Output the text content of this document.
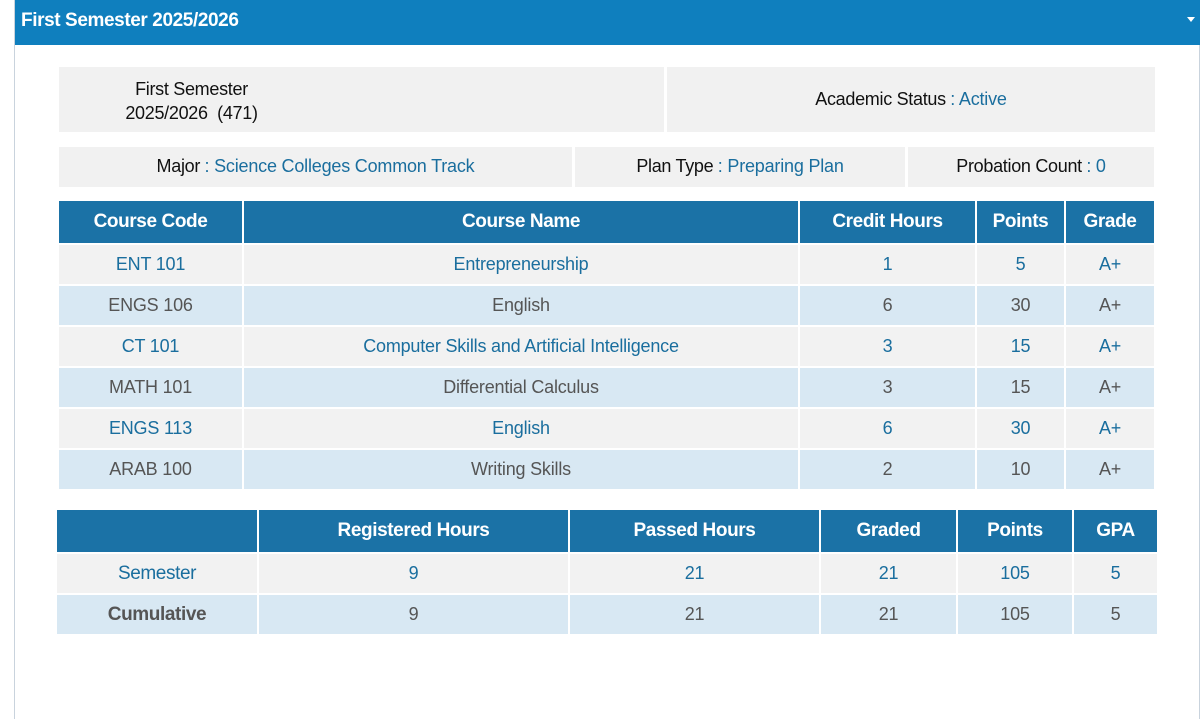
First Semester 2025/2026
First Semester
2025/2026  (471)
Academic Status : Active
Major : Science Colleges Common Track	Plan Type : Preparing Plan	Probation Count : 0
Course Code	Course Name	Credit Hours	Points	Grade
ENT 101	Entrepreneurship	1	5	A+
ENGS 106	English	6	30	A+
CT 101	Computer Skills and Artificial Intelligence	3	15	A+
MATH 101	Differential Calculus	3	15	A+
ENGS 113	English	6	30	A+
ARAB 100	Writing Skills	2	10	A+
	Registered Hours	Passed Hours	Graded	Points	GPA
Semester	9	21	21	105	5
Cumulative	9	21	21	105	5
